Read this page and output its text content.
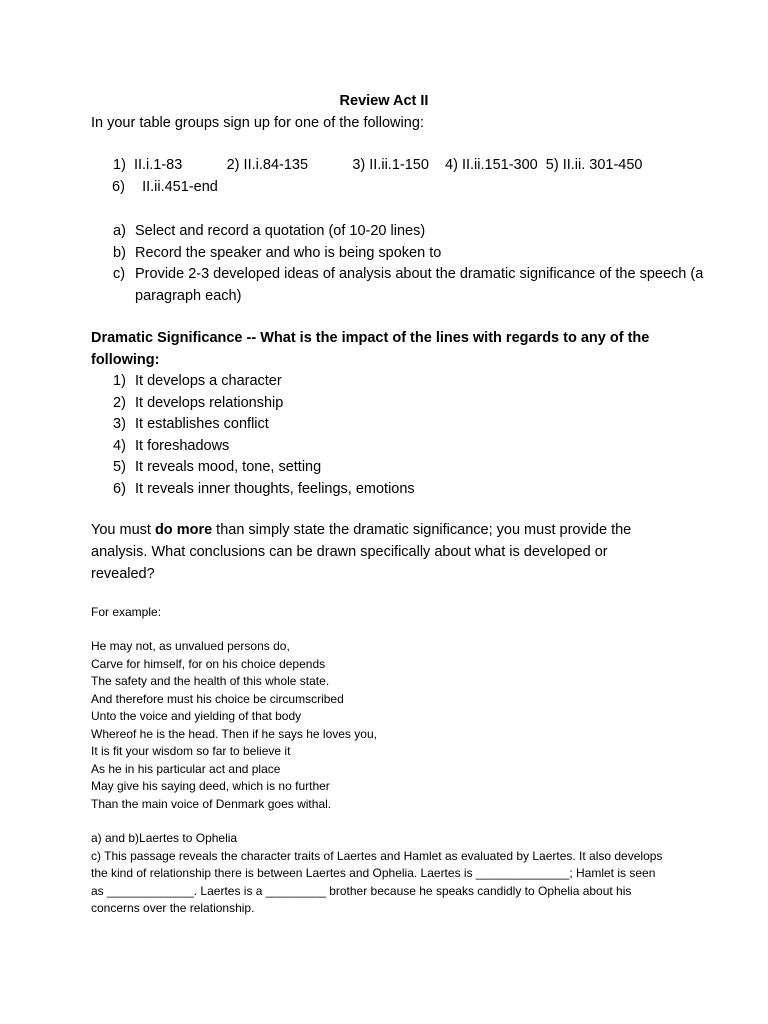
Review Act II
In your table groups sign up for one of the following:
1)  II.i.1-83           2) II.i.84-135           3) II.ii.1-150    4) II.ii.151-300  5) II.ii. 301-450
6) II.ii.451-end
a) Select and record a quotation (of 10-20 lines)
b) Record the speaker and who is being spoken to
c) Provide 2-3 developed ideas of analysis about the dramatic significance of the speech (a paragraph each)
Dramatic Significance -- What is the impact of the lines with regards to any of the following:
1) It develops a character
2) It develops relationship
3) It establishes conflict
4) It foreshadows
5) It reveals mood, tone, setting
6) It reveals inner thoughts, feelings, emotions
You must do more than simply state the dramatic significance; you must provide the analysis. What conclusions can be drawn specifically about what is developed or revealed?
For example:
He may not, as unvalued persons do,
Carve for himself, for on his choice depends
The safety and the health of this whole state.
And therefore must his choice be circumscribed
Unto the voice and yielding of that body
Whereof he is the head. Then if he says he loves you,
It is fit your wisdom so far to believe it
As he in his particular act and place
May give his saying deed, which is no further
Than the main voice of Denmark goes withal.

a) and b)Laertes to Ophelia

c) This passage reveals the character traits of Laertes and Hamlet as evaluated by Laertes. It also develops the kind of relationship there is between Laertes and Ophelia. Laertes is ______________; Hamlet is seen as _____________. Laertes is a _________ brother because he speaks candidly to Ophelia about his concerns over the relationship.
